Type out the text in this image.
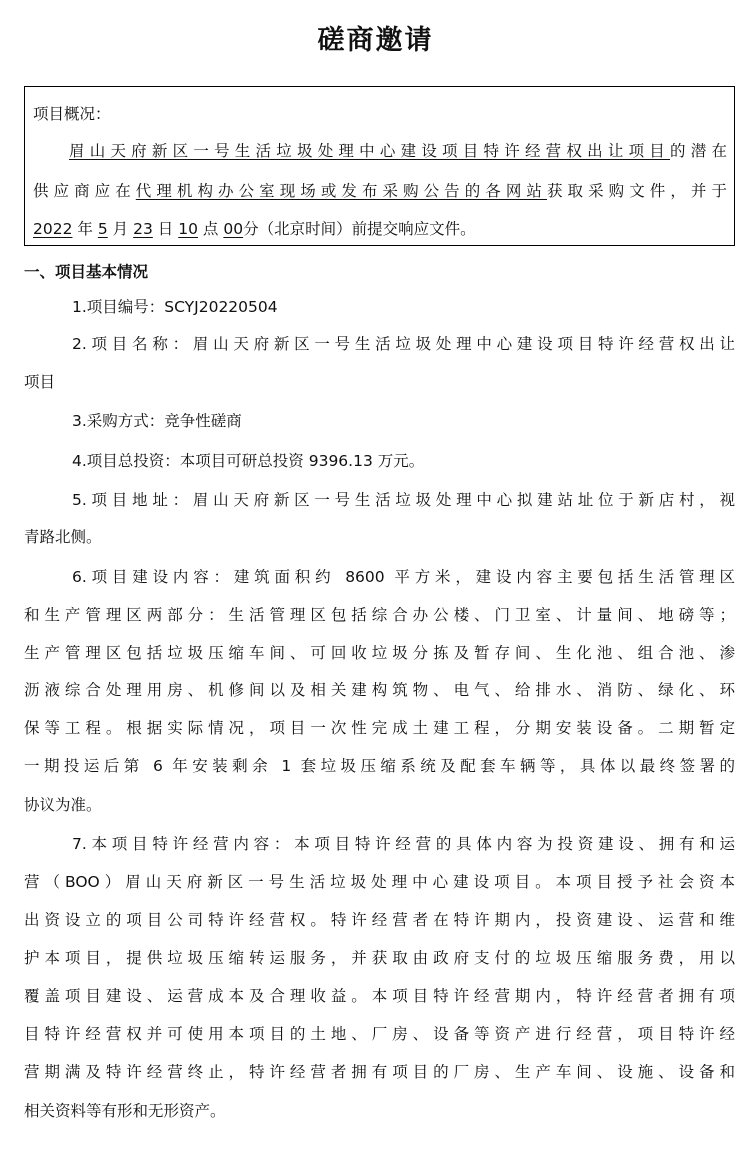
磋商邀请
项目概况：
眉山天府新区一号生活垃圾处理中心建设项目特许经营权出让项目的潜在
供应商应在代理机构办公室现场或发布采购公告的各网站获取采购文件，并于
2022 年 5 月 23 日 10 点 00分（北京时间）前提交响应文件。
一、项目基本情况
1.项目编号：SCYJ20220504
2.项目名称：眉山天府新区一号生活垃圾处理中心建设项目特许经营权出让
项目
3.采购方式：竞争性磋商
4.项目总投资：本项目可研总投资 9396.13 万元。
5.项目地址：眉山天府新区一号生活垃圾处理中心拟建站址位于新店村，视
青路北侧。
6.项目建设内容：建筑面积约 8600 平方米，建设内容主要包括生活管理区
和生产管理区两部分：生活管理区包括综合办公楼、门卫室、计量间、地磅等；
生产管理区包括垃圾压缩车间、可回收垃圾分拣及暂存间、生化池、组合池、渗
沥液综合处理用房、机修间以及相关建构筑物、电气、给排水、消防、绿化、环
保等工程。根据实际情况，项目一次性完成土建工程，分期安装设备。二期暂定
一期投运后第 6 年安装剩余 1 套垃圾压缩系统及配套车辆等，具体以最终签署的
协议为准。
7.本项目特许经营内容：本项目特许经营的具体内容为投资建设、拥有和运
营（BOO）眉山天府新区一号生活垃圾处理中心建设项目。本项目授予社会资本
出资设立的项目公司特许经营权。特许经营者在特许期内，投资建设、运营和维
护本项目，提供垃圾压缩转运服务，并获取由政府支付的垃圾压缩服务费，用以
覆盖项目建设、运营成本及合理收益。本项目特许经营期内，特许经营者拥有项
目特许经营权并可使用本项目的土地、厂房、设备等资产进行经营，项目特许经
营期满及特许经营终止，特许经营者拥有项目的厂房、生产车间、设施、设备和
相关资料等有形和无形资产。
